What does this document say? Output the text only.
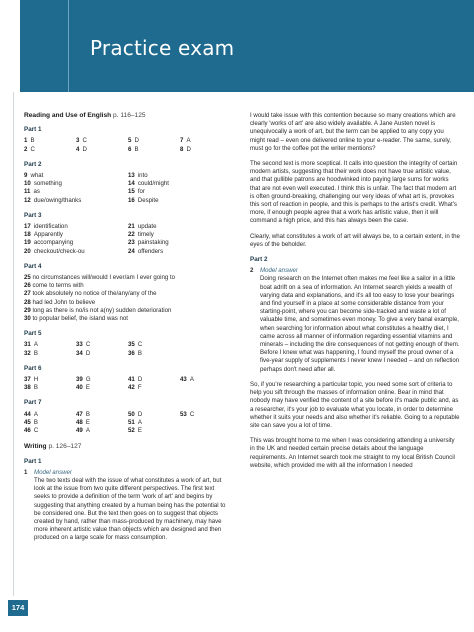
Practice exam
Reading and Use of English p. 116–125
Part 1
1 B	3 C	5 D	7 A
2 C	4 D	6 B	8 D
Part 2
9 what	13 into
10 something	14 could/might
11 as	15 for
12 due/owing/thanks	16 Despite
Part 3
17 identification	21 update
18 Apparently	22 timely
19 accompanying	23 painstaking
20 checkout/check-ou	24 offenders
Part 4
25 no circumstances will/would I ever/am I ever going to
26 come to terms with
27 took absolutely no notice of the/any/any of the
28 had led John to believe
29 long as there is no/is not a(ny) sudden deterioration
30 to popular belief, the island was not
Part 5
31 A	33 C	35 C
32 B	34 D	36 B
Part 6
37 H	39 G	41 D	43 A
38 B	40 E	42 F
Part 7
44 A	47 B	50 D	53 C
45 B	48 E	51 A
46 C	49 A	52 E
Writing p. 126–127
Part 1
1 Model answer
The two texts deal with the issue of what constitutes a work of art, but look at the issue from two quite different perspectives. The first text seeks to provide a definition of the term 'work of art' and begins by suggesting that anything created by a human being has the potential to be considered one. But the text then goes on to suggest that objects created by hand, rather than mass-produced by machinery, may have more inherent artistic value than objects which are designed and then produced on a large scale for mass consumption.
I would take issue with this contention because so many creations which are clearly 'works of art' are also widely available. A Jane Austen novel is unequivocally a work of art, but the term can be applied to any copy you might read – even one delivered online to your e-reader. The same, surely, must go for the coffee pot the writer mentions?
The second text is more sceptical. It calls into question the integrity of certain modern artists, suggesting that their work does not have true artistic value, and that gullible patrons are hoodwinked into paying large sums for works that are not even well executed. I think this is unfair. The fact that modern art is often ground-breaking, challenging our very ideas of what art is, provokes this sort of reaction in people, and this is perhaps to the artist's credit. What's more, if enough people agree that a work has artistic value, then it will command a high price, and this has always been the case.
Clearly, what constitutes a work of art will always be, to a certain extent, in the eyes of the beholder.
Part 2
2 Model answer
Doing research on the Internet often makes me feel like a sailor in a little boat adrift on a sea of information. An Internet search yields a wealth of varying data and explanations, and it's all too easy to lose your bearings and find yourself in a place at some considerable distance from your starting-point, where you can become side-tracked and waste a lot of valuable time, and sometimes even money. To give a very banal example, when searching for information about what constitutes a healthy diet, I came across all manner of information regarding essential vitamins and minerals – including the dire consequences of not getting enough of them. Before I knew what was happening, I found myself the proud owner of a five-year supply of supplements I never knew I needed – and on reflection perhaps don't need after all.
So, if you're researching a particular topic, you need some sort of criteria to help you sift through the masses of information online. Bear in mind that nobody may have verified the content of a site before it's made public and, as a researcher, it's your job to evaluate what you locate, in order to determine whether it suits your needs and also whether it's reliable. Going to a reputable site can save you a lot of time.
This was brought home to me when I was considering attending a university in the UK and needed certain precise details about the language requirements. An Internet search took me straight to my local British Council website, which provided me with all the information I needed
174
